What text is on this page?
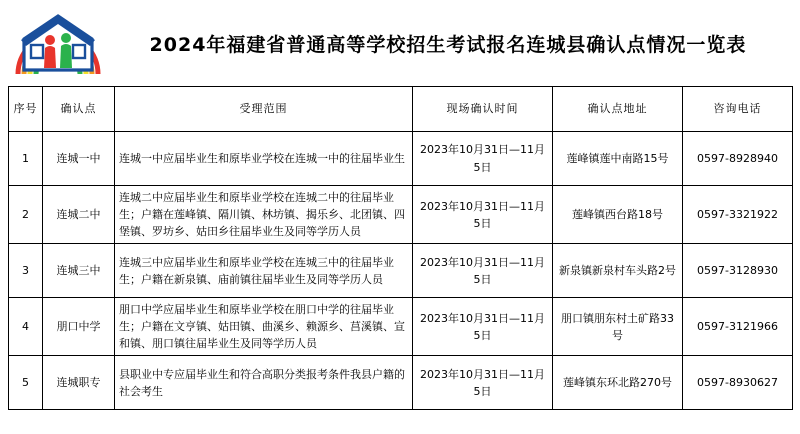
2024年福建省普通高等学校招生考试报名连城县确认点情况一览表
序号	确认点	受理范围	现场确认时间	确认点地址	咨询电话
1	连城一中	连城一中应届毕业生和原毕业学校在连城一中的往届毕业生	2023年10月31日—11月5日	莲峰镇莲中南路15号	0597-8928940
2	连城二中	连城二中应届毕业生和原毕业学校在连城二中的往届毕业生；户籍在莲峰镇、隔川镇、林坊镇、揭乐乡、北团镇、四堡镇、罗坊乡、姑田乡往届毕业生及同等学历人员	2023年10月31日—11月5日	莲峰镇西台路18号	0597-3321922
3	连城三中	连城三中应届毕业生和原毕业学校在连城三中的往届毕业生；户籍在新泉镇、庙前镇往届毕业生及同等学历人员	2023年10月31日—11月5日	新泉镇新泉村车头路2号	0597-3128930
4	朋口中学	朋口中学应届毕业生和原毕业学校在朋口中学的往届毕业生；户籍在文亨镇、姑田镇、曲溪乡、赖源乡、莒溪镇、宣和镇、朋口镇往届毕业生及同等学历人员	2023年10月31日—11月5日	朋口镇朋东村土矿路33号	0597-3121966
5	连城职专	县职业中专应届毕业生和符合高职分类报考条件我县户籍的社会考生	2023年10月31日—11月5日	莲峰镇东环北路270号	0597-8930627
